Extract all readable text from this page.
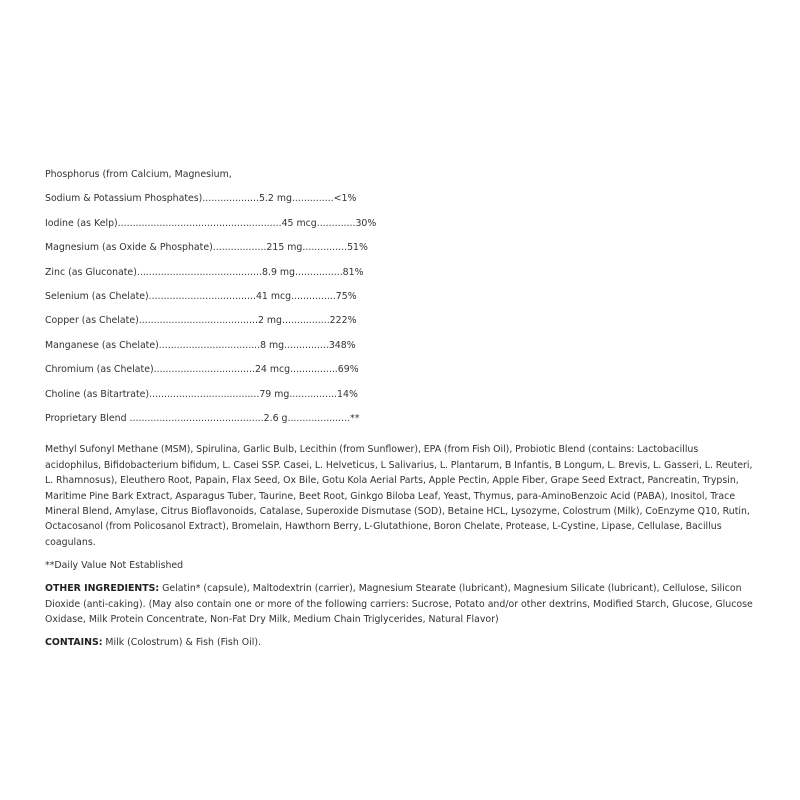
Phosphorus (from Calcium, Magnesium,
Sodium & Potassium Phosphates)...................5.2 mg..............<1%
Iodine (as Kelp).......................................................45 mcg.............30%
Magnesium (as Oxide & Phosphate)..................215 mg...............51%
Zinc (as Gluconate)..........................................8.9 mg................81%
Selenium (as Chelate)....................................41 mcg...............75%
Copper (as Chelate)........................................2 mg................222%
Manganese (as Chelate)..................................8 mg...............348%
Chromium (as Chelate)..................................24 mcg................69%
Choline (as Bitartrate).....................................79 mg................14%
Proprietary Blend .............................................2.6 g.....................**
Methyl Sufonyl Methane (MSM), Spirulina, Garlic Bulb, Lecithin (from Sunflower), EPA (from Fish Oil), Probiotic Blend (contains: Lactobacillus acidophilus, Bifidobacterium bifidum, L. Casei SSP. Casei, L. Helveticus, L Salivarius, L. Plantarum, B Infantis, B Longum, L. Brevis, L. Gasseri, L. Reuteri, L. Rhamnosus), Eleuthero Root, Papain, Flax Seed, Ox Bile, Gotu Kola Aerial Parts, Apple Pectin, Apple Fiber, Grape Seed Extract, Pancreatin, Trypsin, Maritime Pine Bark Extract, Asparagus Tuber, Taurine, Beet Root, Ginkgo Biloba Leaf, Yeast, Thymus, para-AminoBenzoic Acid (PABA), Inositol, Trace Mineral Blend, Amylase, Citrus Bioflavonoids, Catalase, Superoxide Dismutase (SOD), Betaine HCL, Lysozyme, Colostrum (Milk), CoEnzyme Q10, Rutin, Octacosanol (from Policosanol Extract), Bromelain, Hawthorn Berry, L-Glutathione, Boron Chelate, Protease, L-Cystine, Lipase, Cellulase, Bacillus coagulans.
**Daily Value Not Established
OTHER INGREDIENTS: Gelatin* (capsule), Maltodextrin (carrier), Magnesium Stearate (lubricant), Magnesium Silicate (lubricant), Cellulose, Silicon Dioxide (anti-caking). (May also contain one or more of the following carriers: Sucrose, Potato and/or other dextrins, Modified Starch, Glucose, Glucose Oxidase, Milk Protein Concentrate, Non-Fat Dry Milk, Medium Chain Triglycerides, Natural Flavor)
CONTAINS: Milk (Colostrum) & Fish (Fish Oil).
